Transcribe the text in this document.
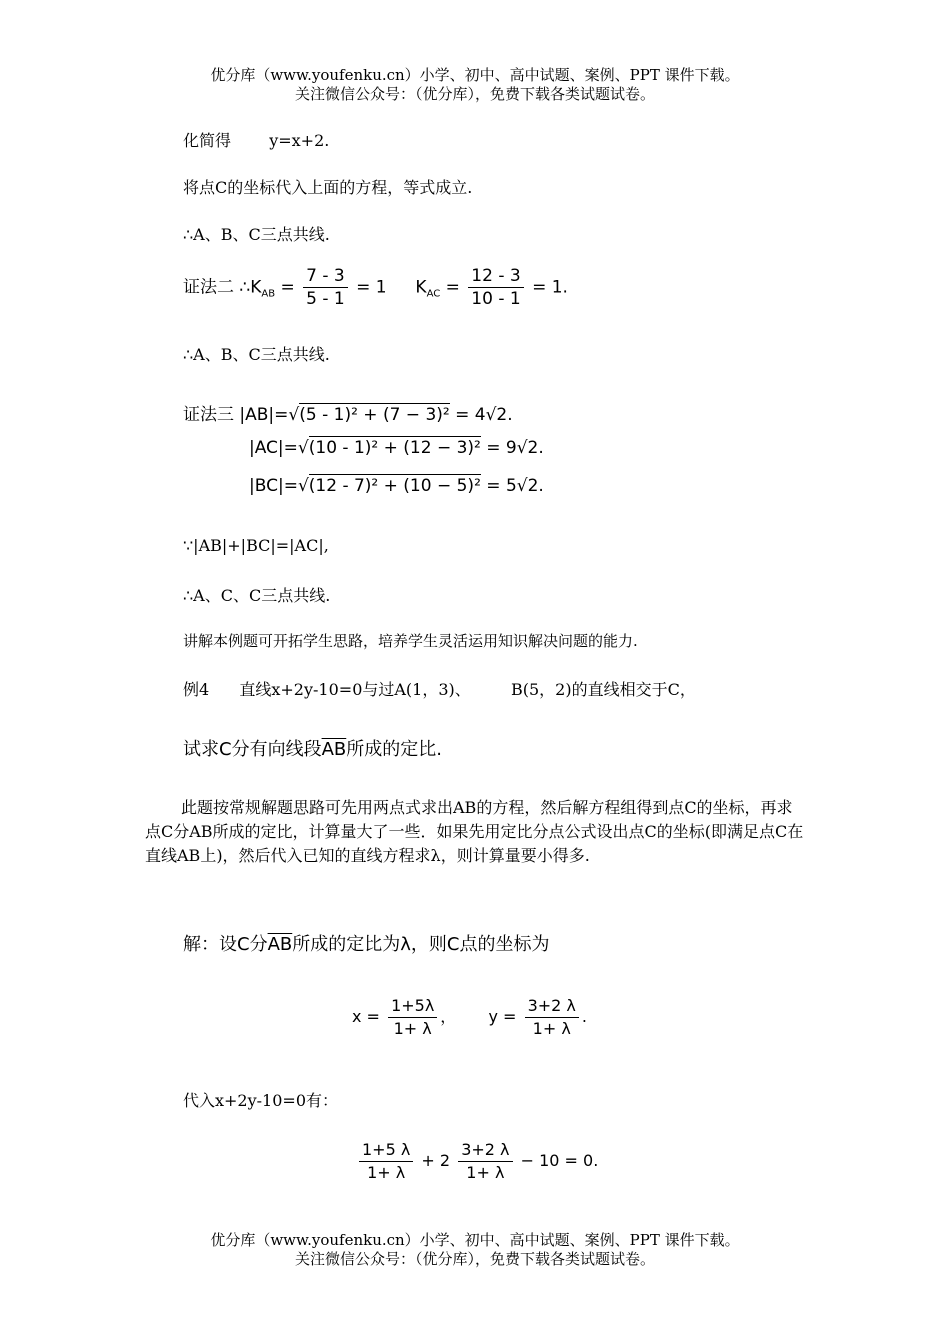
优分库（www.youfenku.cn）小学、初中、高中试题、案例、PPT 课件下载。
关注微信公众号：（优分库），免费下载各类试题试卷。
化简得 y=x+2.
将点C的坐标代入上面的方程，等式成立.
∴A、B、C三点共线.
证法二 $\therefore K_{AB} = \frac{7 - 3}{5 - 1} = 1$ $K_{AC} = \frac{12 - 3}{10 - 1} = 1$.
∴A、B、C三点共线.
证法三 |AB|=√(5 - 1)² + (7 − 3)² = 4√2.
|AC|=√(10 - 1)² + (12 − 3)² = 9√2.
|BC|=√(12 - 7)² + (10 − 5)² = 5√2.
∵|AB|+|BC|=|AC|,
∴A、C、C三点共线.
讲解本例题可开拓学生思路，培养学生灵活运用知识解决问题的能力.
例4 直线x+2y-10=0与过A(1，3)、	B(5，2)的直线相交于C，
试求C分有向线段$\overline{AB}$所成的定比.
此题按常规解题思路可先用两点式求出AB的方程，然后解方程组得到点C的坐标，再求点C分AB所成的定比，计算量大了一些．如果先用定比分点公式设出点C的坐标(即满足点C在直线AB上)，然后代入已知的直线方程求λ，则计算量要小得多.
解：设C分$\overline{AB}$所成的定比为λ，则C点的坐标为
$x = \frac{1+5\lambda}{1+ \lambda}$ ， $y = \frac{3+2 \lambda}{1+ \lambda}$ .
代入x+2y-10=0有：
$\frac{1+5 \lambda}{1+ \lambda} + 2 \frac{3+2 \lambda}{1+ \lambda} - 10 = 0$.
优分库（www.youfenku.cn）小学、初中、高中试题、案例、PPT 课件下载。
关注微信公众号：（优分库），免费下载各类试题试卷。
